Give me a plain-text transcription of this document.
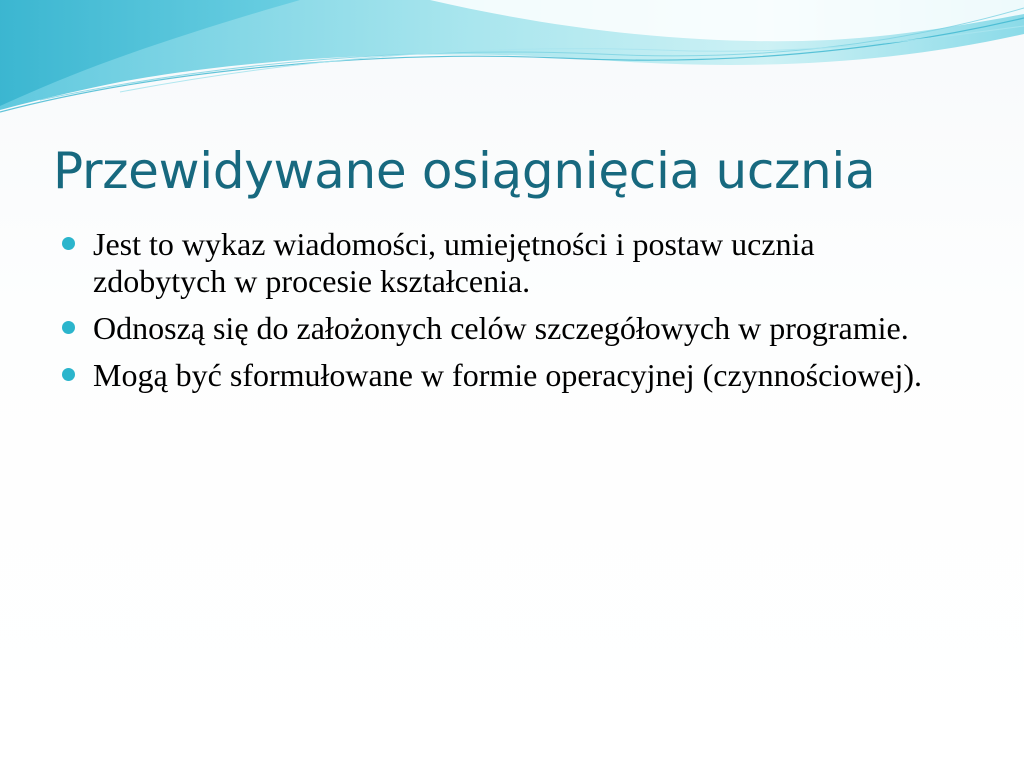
Przewidywane osiągnięcia ucznia
Jest to wykaz wiadomości, umiejętności i postaw ucznia zdobytych w procesie kształcenia.
Odnoszą się do założonych celów szczegółowych w programie.
Mogą być sformułowane w formie operacyjnej (czynnościowej).
